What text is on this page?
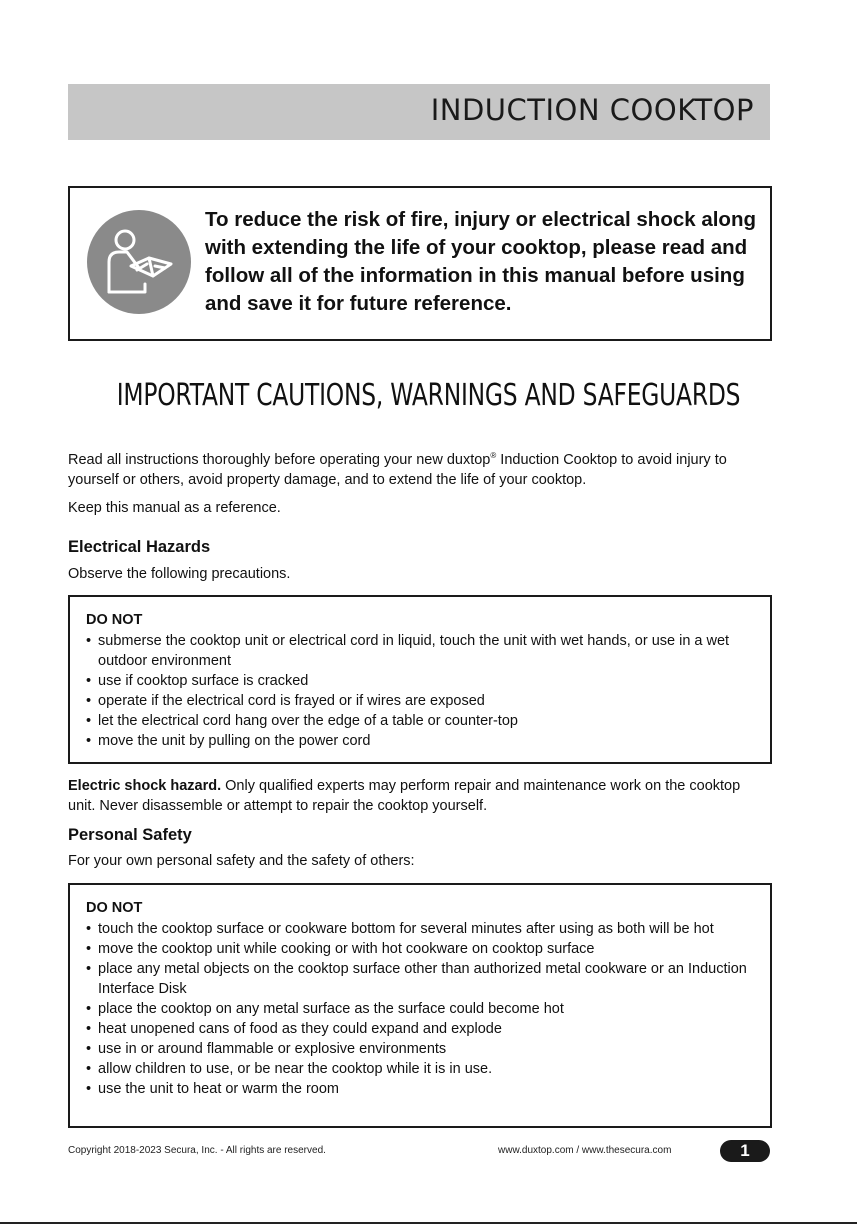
INDUCTION COOKTOP
To reduce the risk of fire, injury or electrical shock along with extending the life of your cooktop, please read and follow all of the information in this manual before using and save it for future reference.
IMPORTANT CAUTIONS, WARNINGS AND SAFEGUARDS
Read all instructions thoroughly before operating your new duxtop® Induction Cooktop to avoid injury to yourself or others, avoid property damage, and to extend the life of your cooktop.
Keep this manual as a reference.
Electrical Hazards
Observe the following precautions.
DO NOT
• submerse the cooktop unit or electrical cord in liquid, touch the unit with wet hands, or use in a wet outdoor environment
• use if cooktop surface is cracked
• operate if the electrical cord is frayed or if wires are exposed
• let the electrical cord hang over the edge of a table or counter-top
• move the unit by pulling on the power cord
Electric shock hazard. Only qualified experts may perform repair and maintenance work on the cooktop unit. Never disassemble or attempt to repair the cooktop yourself.
Personal Safety
For your own personal safety and the safety of others:
DO NOT
• touch the cooktop surface or cookware bottom for several minutes after using as both will be hot
• move the cooktop unit while cooking or with hot cookware on cooktop surface
• place any metal objects on the cooktop surface other than authorized metal cookware or an Induction Interface Disk
• place the cooktop on any metal surface as the surface could become hot
• heat unopened cans of food as they could expand and explode
• use in or around flammable or explosive environments
• allow children to use, or be near the cooktop while it is in use.
• use the unit to heat or warm the room
Copyright 2018-2023 Secura, Inc. - All rights are reserved.	www.duxtop.com / www.thesecura.com	1
